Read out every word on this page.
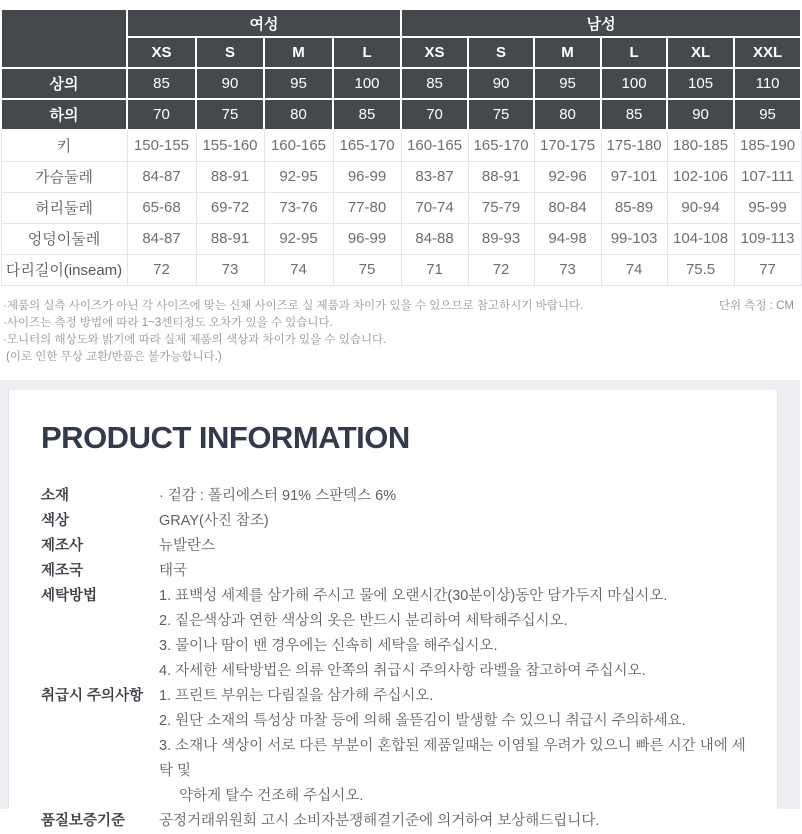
	여성				남성					
	XS	S	M	L	XS	S	M	L	XL	XXL
상의	85	90	95	100	85	90	95	100	105	110
하의	70	75	80	85	70	75	80	85	90	95
키	150-155	155-160	160-165	165-170	160-165	165-170	170-175	175-180	180-185	185-190
가슴둘레	84-87	88-91	92-95	96-99	83-87	88-91	92-96	97-101	102-106	107-111
허리둘레	65-68	69-72	73-76	77-80	70-74	75-79	80-84	85-89	90-94	95-99
엉덩이둘레	84-87	88-91	92-95	96-99	84-88	89-93	94-98	99-103	104-108	109-113
다리길이(inseam)	72	73	74	75	71	72	73	74	75.5	77
·제품의 실측 사이즈가 아닌 각 사이즈에 맞는 신체 사이즈로 실 제품과 차이가 있을 수 있으므로 참고하시기 바랍니다.	단위 측정 : CM
·사이즈는 측정 방법에 따라 1~3센티정도 오차가 있을 수 있습니다.
·모니터의 해상도와 밝기에 따라 실제 제품의 색상과 차이가 있을 수 있습니다.
(이로 인한 무상 교환/반품은 불가능합니다.)
PRODUCT INFORMATION
소재	· 겉감 : 폴리에스터 91% 스판덱스 6%
색상	GRAY(사진 참조)
제조사	뉴발란스
제조국	태국
세탁방법	1. 표백성 세제를 삼가해 주시고 물에 오랜시간(30분이상)동안 담가두지 마십시오.
2. 짙은색상과 연한 색상의 옷은 반드시 분리하여 세탁해주십시오.
3. 물이나 땀이 밴 경우에는 신속히 세탁을 해주십시오.
4. 자세한 세탁방법은 의류 안쪽의 취급시 주의사항 라벨을 참고하여 주십시오.
취급시 주의사항	1. 프린트 부위는 다림질을 삼가해 주십시오.
2. 원단 소재의 특성상 마찰 등에 의해 올뜯김이 발생할 수 있으니 취급시 주의하세요.
3. 소재나 색상이 서로 다른 부분이 혼합된 제품일때는 이염될 우려가 있으니 빠른 시간 내에 세탁 및
약하게 탈수 건조해 주십시오.
품질보증기준	공정거래위원회 고시 소비자분쟁해결기준에 의거하여 보상해드립니다.
